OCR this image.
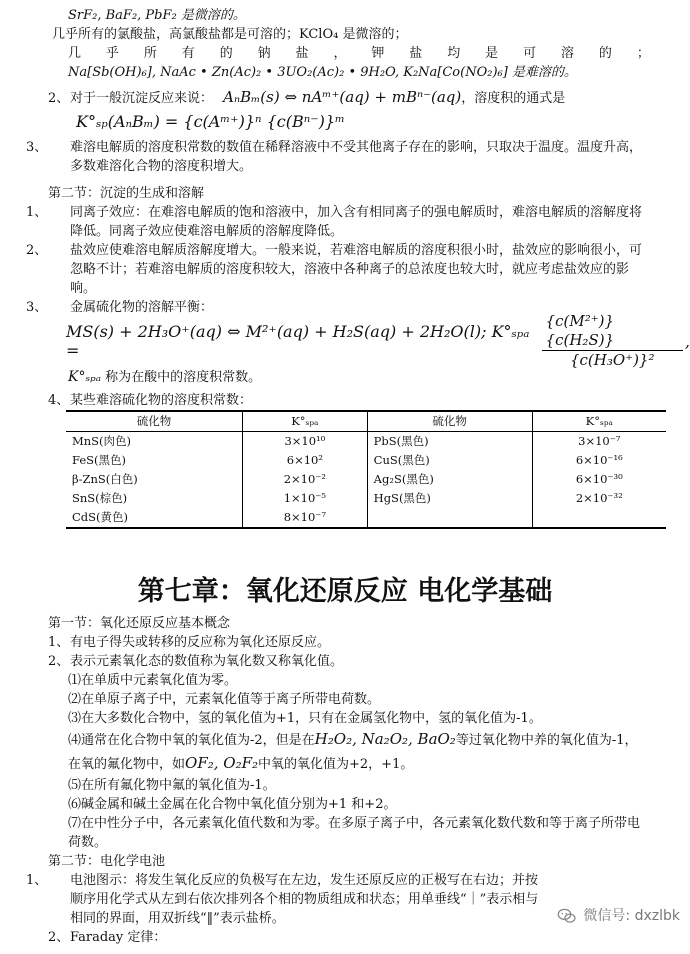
SrF₂, BaF₂, PbF₂ 是微溶的。
几乎所有的氯酸盐，高氯酸盐都是可溶的；KClO₄ 是微溶的；
几 乎 所 有 的 钠 盐 ， 钾 盐 均 是 可 溶 的 ；
Na[Sb(OH)₆], NaAc • Zn(Ac)₂ • 3UO₂(Ac)₂ • 9H₂O, K₂Na[Co(NO₂)₆] 是难溶的。
2、对于一般沉淀反应来说： AₙBₘ(s) ⇔ nAᵐ⁺(aq) + mBⁿ⁻(aq)，溶度积的通式是
K°ₛₚ(AₙBₘ) = {c(Aᵐ⁺)}ⁿ {c(Bⁿ⁻)}ᵐ
3、 难溶电解质的溶度积常数的数值在稀释溶液中不受其他离子存在的影响，只取决于温度。温度升高，多数难溶化合物的溶度积增大。
第二节：沉淀的生成和溶解
1、 同离子效应：在难溶电解质的饱和溶液中，加入含有相同离子的强电解质时，难溶电解质的溶解度将降低。同离子效应使难溶电解质的溶解度降低。
2、 盐效应使难溶电解质溶解度增大。一般来说，若难溶电解质的溶度积很小时，盐效应的影响很小，可忽略不计；若难溶电解质的溶度积较大，溶液中各种离子的总浓度也较大时，就应考虑盐效应的影响。
3、 金属硫化物的溶解平衡：
MS(s) + 2H₃O⁺(aq) ⇔ M²⁺(aq) + H₂S(aq) + 2H₂O(l); K°ₛₚₐ =	$\frac{\text{\{c(M²⁺)\}\{c(H₂S)\}}}{\text{\{c(H₃O⁺)\}²}}$ ,
K°ₛₚₐ 称为在酸中的溶度积常数。
4、某些难溶硫化物的溶度积常数：
硫化物	K°ₛₚₐ	硫化物	K°ₛₚₐ
MnS(肉色)	3×10¹⁰	PbS(黑色)	3×10⁻⁷
FeS(黑色)	6×10²	CuS(黑色)	6×10⁻¹⁶
β-ZnS(白色)	2×10⁻²	Ag₂S(黑色)	6×10⁻³⁰
SnS(棕色)	1×10⁻⁵	HgS(黑色)	2×10⁻³²
CdS(黄色)	8×10⁻⁷		
第七章：氧化还原反应 电化学基础
第一节：氧化还原反应基本概念
1、有电子得失或转移的反应称为氧化还原反应。
2、表示元素氧化态的数值称为氧化数又称氧化值。
⑴在单质中元素氧化值为零。
⑵在单原子离子中，元素氧化值等于离子所带电荷数。
⑶在大多数化合物中，氢的氧化值为+1，只有在金属氢化物中，氢的氧化值为-1。
⑷通常在化合物中氧的氧化值为-2，但是在H₂O₂, Na₂O₂, BaO₂等过氧化物中养的氧化值为-1，在氧的氟化物中，如OF₂, O₂F₂中氧的氧化值为+2，+1。
⑸在所有氟化物中氟的氧化值为-1。
⑹碱金属和碱土金属在化合物中氧化值分别为+1 和+2。
⑺在中性分子中，各元素氧化值代数和为零。在多原子离子中，各元素氧化数代数和等于离子所带电荷数。
第二节：电化学电池
1、 电池图示：将发生氧化反应的负极写在左边，发生还原反应的正极写在右边；并按顺序用化学式从左到右依次排列各个相的物质组成和状态；用单垂线“｜”表示相与相同的界面，用双折线“‖”表示盐桥。
2、Faraday 定律：
微信号: dxzlbk
